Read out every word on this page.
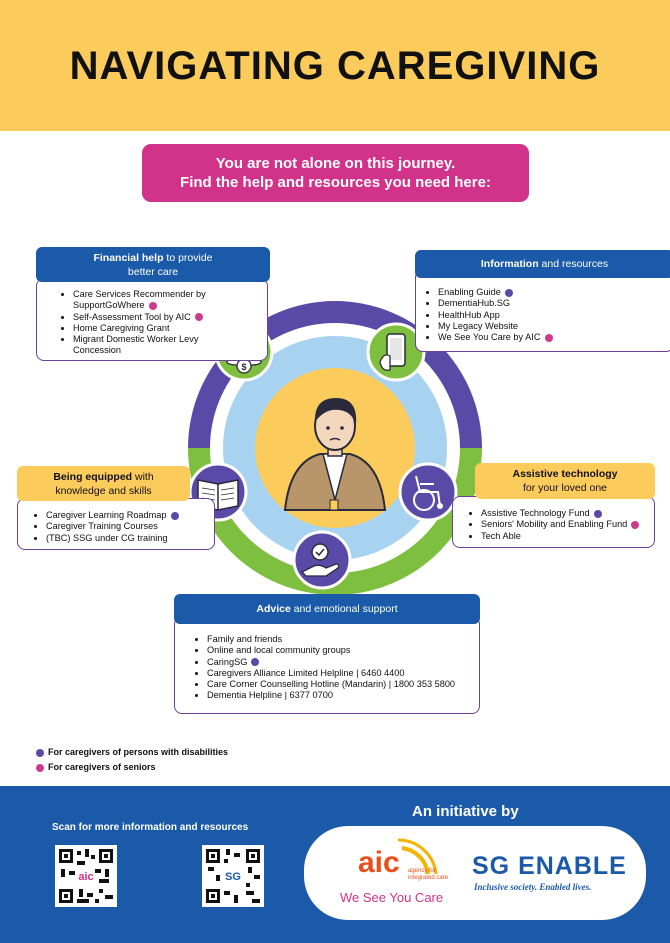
NAVIGATING CAREGIVING
You are not alone on this journey.
Find the help and resources you need here:
$
• Care Services Recommender by
SupportGoWhere
• Self-Assessment Tool by AIC
• Home Caregiving Grant
• Migrant Domestic Worker Levy
Concession
Financial help to provide
better care
• Enabling Guide
• DementiaHub.SG
• HealthHub App
• My Legacy Website
• We See You Care by AIC
Information and resources
• Caregiver Learning Roadmap
• Caregiver Training Courses
• (TBC) SSG under CG training
Being equipped with
knowledge and skills
• Assistive Technology Fund
• Seniors' Mobility and Enabling Fund
• Tech Able
Assistive technology
for your loved one
• Family and friends
• Online and local community groups
• CaringSG
• Caregivers Alliance Limited Helpline | 6460 4400
• Care Corner Counselling Hotline (Mandarin) | 1800 353 5800
• Dementia Helpline | 6377 0700
Advice and emotional support
For caregivers of persons with disabilities
For caregivers of seniors
Scan for more information and resources
aic	SG
An initiative by
aic agency for
integrated care
We See You Care
SG ENABLE
Inclusive society. Enabled lives.
